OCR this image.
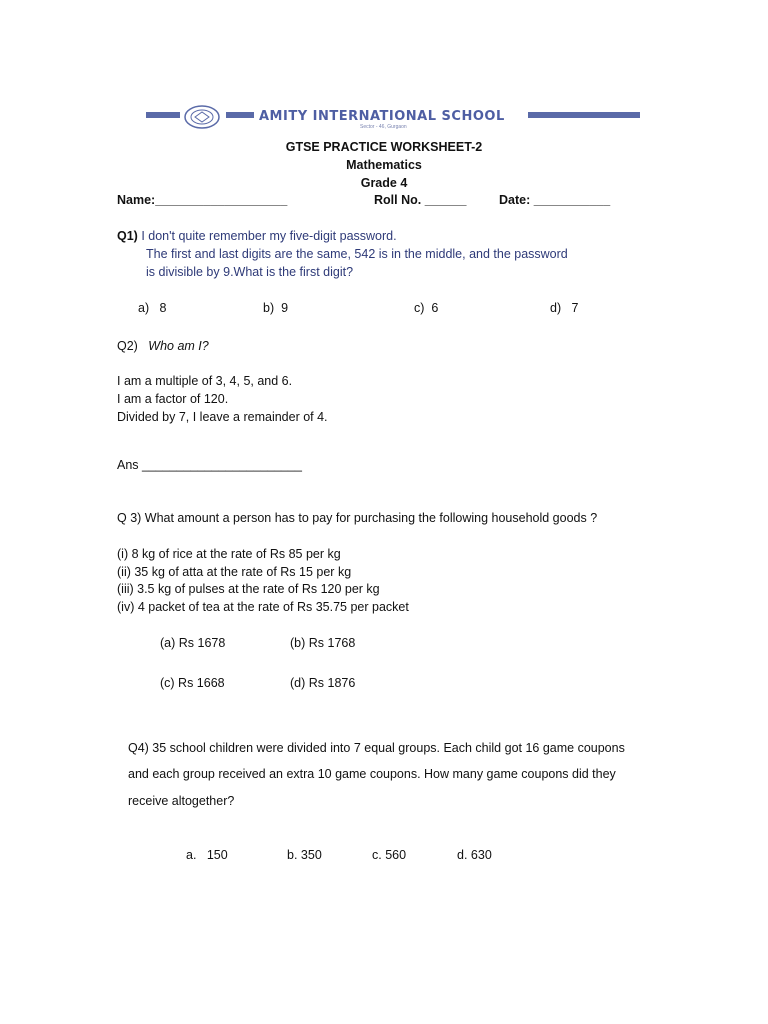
AMITY INTERNATIONAL SCHOOL
Sector - 46, Gurgaon
GTSE PRACTICE WORKSHEET-2
Mathematics
Grade 4
Name:___________________	Roll No. ______	Date: ___________
Q1) I don't quite remember my five-digit password.
The first and last digits are the same, 542 is in the middle, and the password
is divisible by 9.What is the first digit?
a) 8	b) 9	c) 6	d) 7
Q2) Who am I?
I am a multiple of 3, 4, 5, and 6.
I am a factor of 120.
Divided by 7, I leave a remainder of 4.
Ans _______________________
Q 3) What amount a person has to pay for purchasing the following household goods ?
(i) 8 kg of rice at the rate of Rs 85 per kg
(ii) 35 kg of atta at the rate of Rs 15 per kg
(iii) 3.5 kg of pulses at the rate of Rs 120 per kg
(iv) 4 packet of tea at the rate of Rs 35.75 per packet
(a) Rs 1678	(b) Rs 1768
(c) Rs 1668	(d) Rs 1876
Q4) 35 school children were divided into 7 equal groups. Each child got 16 game coupons
and each group received an extra 10 game coupons. How many game coupons did they
receive altogether?
a. 150	b. 350	c. 560	d. 630
